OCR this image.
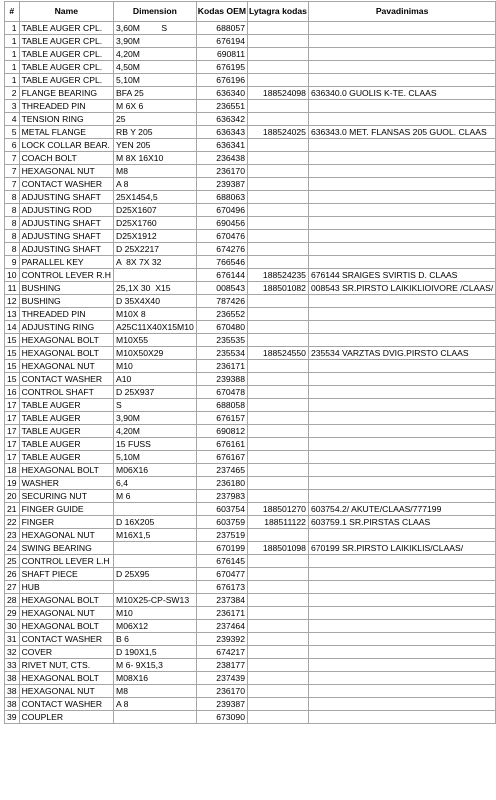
#	Name	Dimension	Kodas OEM	Lytagra kodas	Pavadinimas
1	TABLE AUGER CPL.	3,60M         S	688057		
1	TABLE AUGER CPL.	3,90M	676194		
1	TABLE AUGER CPL.	4,20M	690811		
1	TABLE AUGER CPL.	4,50M	676195		
1	TABLE AUGER CPL.	5,10M	676196		
2	FLANGE BEARING	BFA 25	636340	188524098	636340.0 GUOLIS K-TE. CLAAS
3	THREADED PIN	M 6X 6	236551		
4	TENSION RING	25	636342		
5	METAL FLANGE	RB Y 205	636343	188524025	636343.0 MET. FLANSAS 205 GUOL. CLAAS
6	LOCK COLLAR BEAR.	YEN 205	636341		
7	COACH BOLT	M 8X 16X10	236438		
7	HEXAGONAL NUT	M8	236170		
7	CONTACT WASHER	A 8	239387		
8	ADJUSTING SHAFT	25X1454,5	688063		
8	ADJUSTING ROD	D25X1607	670496		
8	ADJUSTING SHAFT	D25X1760	690456		
8	ADJUSTING SHAFT	D25X1912	670476		
8	ADJUSTING SHAFT	D 25X2217	674276		
9	PARALLEL KEY	A  8X 7X 32	766546		
10	CONTROL LEVER R.H		676144	188524235	676144 SRAIGES SVIRTIS D. CLAAS
11	BUSHING	25,1X 30  X15	008543	188501082	008543 SR.PIRSTO LAIKIKLIOIVORE /CLAAS/
12	BUSHING	D 35X4X40	787426		
13	THREADED PIN	M10X 8	236552		
14	ADJUSTING RING	A25C11X40X15M10	670480		
15	HEXAGONAL BOLT	M10X55	235535		
15	HEXAGONAL BOLT	M10X50X29	235534	188524550	235534 VARZTAS DVIG.PIRSTO CLAAS
15	HEXAGONAL NUT	M10	236171		
15	CONTACT WASHER	A10	239388		
16	CONTROL SHAFT	D 25X937	670478		
17	TABLE AUGER	S	688058		
17	TABLE AUGER	3,90M	676157		
17	TABLE AUGER	4,20M	690812		
17	TABLE AUGER	15 FUSS	676161		
17	TABLE AUGER	5,10M	676167		
18	HEXAGONAL BOLT	M06X16	237465		
19	WASHER	6,4	236180		
20	SECURING NUT	M 6	237983		
21	FINGER GUIDE		603754	188501270	603754.2/ AKUTE/CLAAS/777199
22	FINGER	D 16X205	603759	188511122	603759.1 SR.PIRSTAS CLAAS
23	HEXAGONAL NUT	M16X1,5	237519		
24	SWING BEARING		670199	188501098	670199 SR.PIRSTO LAIKIKLIS/CLAAS/
25	CONTROL LEVER L.H		676145		
26	SHAFT PIECE	D 25X95	670477		
27	HUB		676173		
28	HEXAGONAL BOLT	M10X25-CP-SW13	237384		
29	HEXAGONAL NUT	M10	236171		
30	HEXAGONAL BOLT	M06X12	237464		
31	CONTACT WASHER	B 6	239392		
32	COVER	D 190X1,5	674217		
33	RIVET NUT, CTS.	M 6- 9X15,3	238177		
38	HEXAGONAL BOLT	M08X16	237439		
38	HEXAGONAL NUT	M8	236170		
38	CONTACT WASHER	A 8	239387		
39	COUPLER		673090		
